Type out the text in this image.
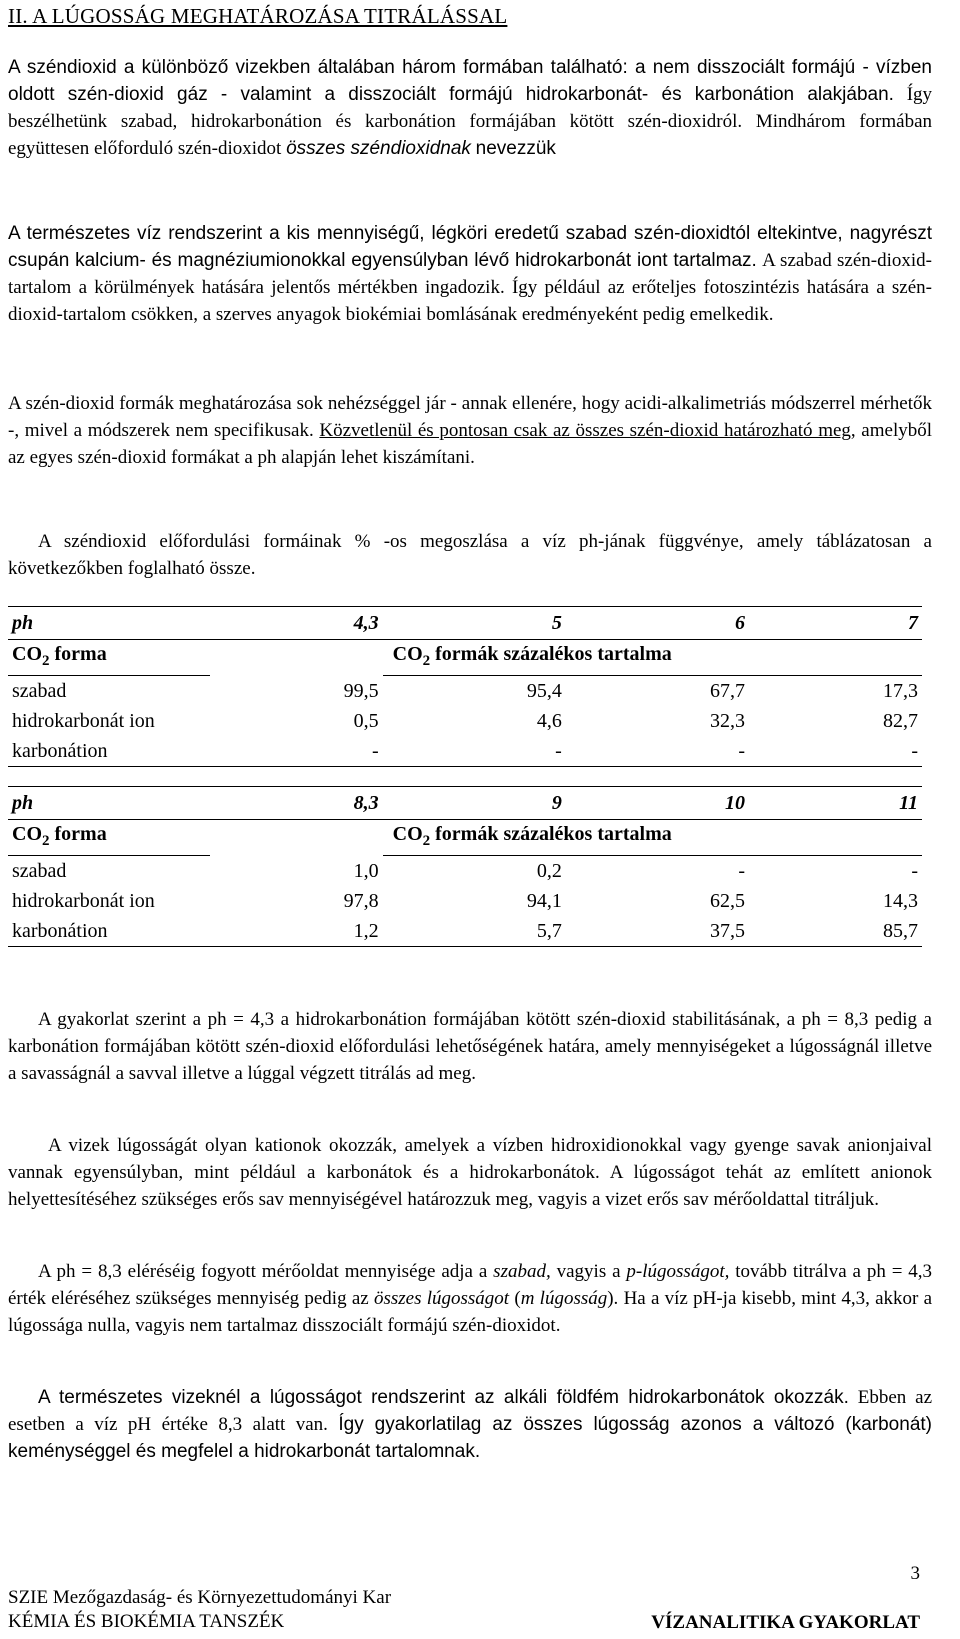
II. A LÚGOSSÁG MEGHATÁROZÁSA TITRÁLÁSSAL

A széndioxid a különböző vizekben általában három formában található: a nem disszociált formájú - vízben oldott szén-dioxid gáz - valamint a disszociált formájú hidrokarbonát- és karbonátion alakjában. Így beszélhetünk szabad, hidrokarbonátion és karbonátion formájában kötött szén-dioxidról. Mindhárom formában együttesen előforduló szén-dioxidot összes széndioxidnak nevezzük

A természetes víz rendszerint a kis mennyiségű, légköri eredetű szabad szén-dioxidtól eltekintve, nagyrészt csupán kalcium- és magnéziumionokkal egyensúlyban lévő hidrokarbonát iont tartalmaz. A szabad szén-dioxid-tartalom a körülmények hatására jelentős mértékben ingadozik. Így például az erőteljes fotoszintézis hatására a szén-dioxid-tartalom csökken, a szerves anyagok biokémiai bomlásának eredményeként pedig emelkedik.

A szén-dioxid formák meghatározása sok nehézséggel jár - annak ellenére, hogy acidi-alkalimetriás módszerrel mérhetők -, mivel a módszerek nem specifikusak. Közvetlenül és pontosan csak az összes szén-dioxid határozható meg, amelyből az egyes szén-dioxid formákat a ph alapján lehet kiszámítani.

A széndioxid előfordulási formáinak % -os megoszlása a víz ph-jának függvénye, amely táblázatosan a következőkben foglalható össze.

ph	4,3	5	6	7
$CO_2$ forma		$CO_2$ formák százalékos tartalma		
szabad	99,5	95,4	67,7	17,3
hidrokarbonát ion	0,5	4,6	32,3	82,7
karbonátion	-	-	-	-
ph	8,3	9	10	11
$CO_2$ forma		$CO_2$ formák százalékos tartalma		
szabad	1,0	0,2	-	-
hidrokarbonát ion	97,8	94,1	62,5	14,3
karbonátion	1,2	5,7	37,5	85,7

A gyakorlat szerint a ph = 4,3 a hidrokarbonátion formájában kötött szén-dioxid stabilitásának, a ph = 8,3 pedig a karbonátion formájában kötött szén-dioxid előfordulási lehetőségének határa, amely mennyiségeket a lúgosságnál illetve a savasságnál a savval illetve a lúggal végzett titrálás ad meg.

A vizek lúgosságát olyan kationok okozzák, amelyek a vízben hidroxidionokkal vagy gyenge savak anionjaival vannak egyensúlyban, mint például a karbonátok és a hidrokarbonátok. A lúgosságot tehát az említett anionok helyettesítéséhez szükséges erős sav mennyiségével határozzuk meg, vagyis a vizet erős sav mérőoldattal titráljuk.

A ph = 8,3 eléréséig fogyott mérőoldat mennyisége adja a szabad, vagyis a p-lúgosságot, tovább titrálva a ph = 4,3 érték eléréséhez szükséges mennyiség pedig az összes lúgosságot (m lúgosság). Ha a víz pH-ja kisebb, mint 4,3, akkor a lúgossága nulla, vagyis nem tartalmaz disszociált formájú szén-dioxidot.

A természetes vizeknél a lúgosságot rendszerint az alkáli földfém hidrokarbonátok okozzák. Ebben az esetben a víz pH értéke 8,3 alatt van. Így gyakorlatilag az összes lúgosság azonos a változó (karbonát) keménységgel és megfelel a hidrokarbonát tartalomnak.

3
SZIE Mezőgazdaság- és Környezettudományi Kar
KÉMIA ÉS BIOKÉMIA TANSZÉK	VÍZANALITIKA GYAKORLAT
